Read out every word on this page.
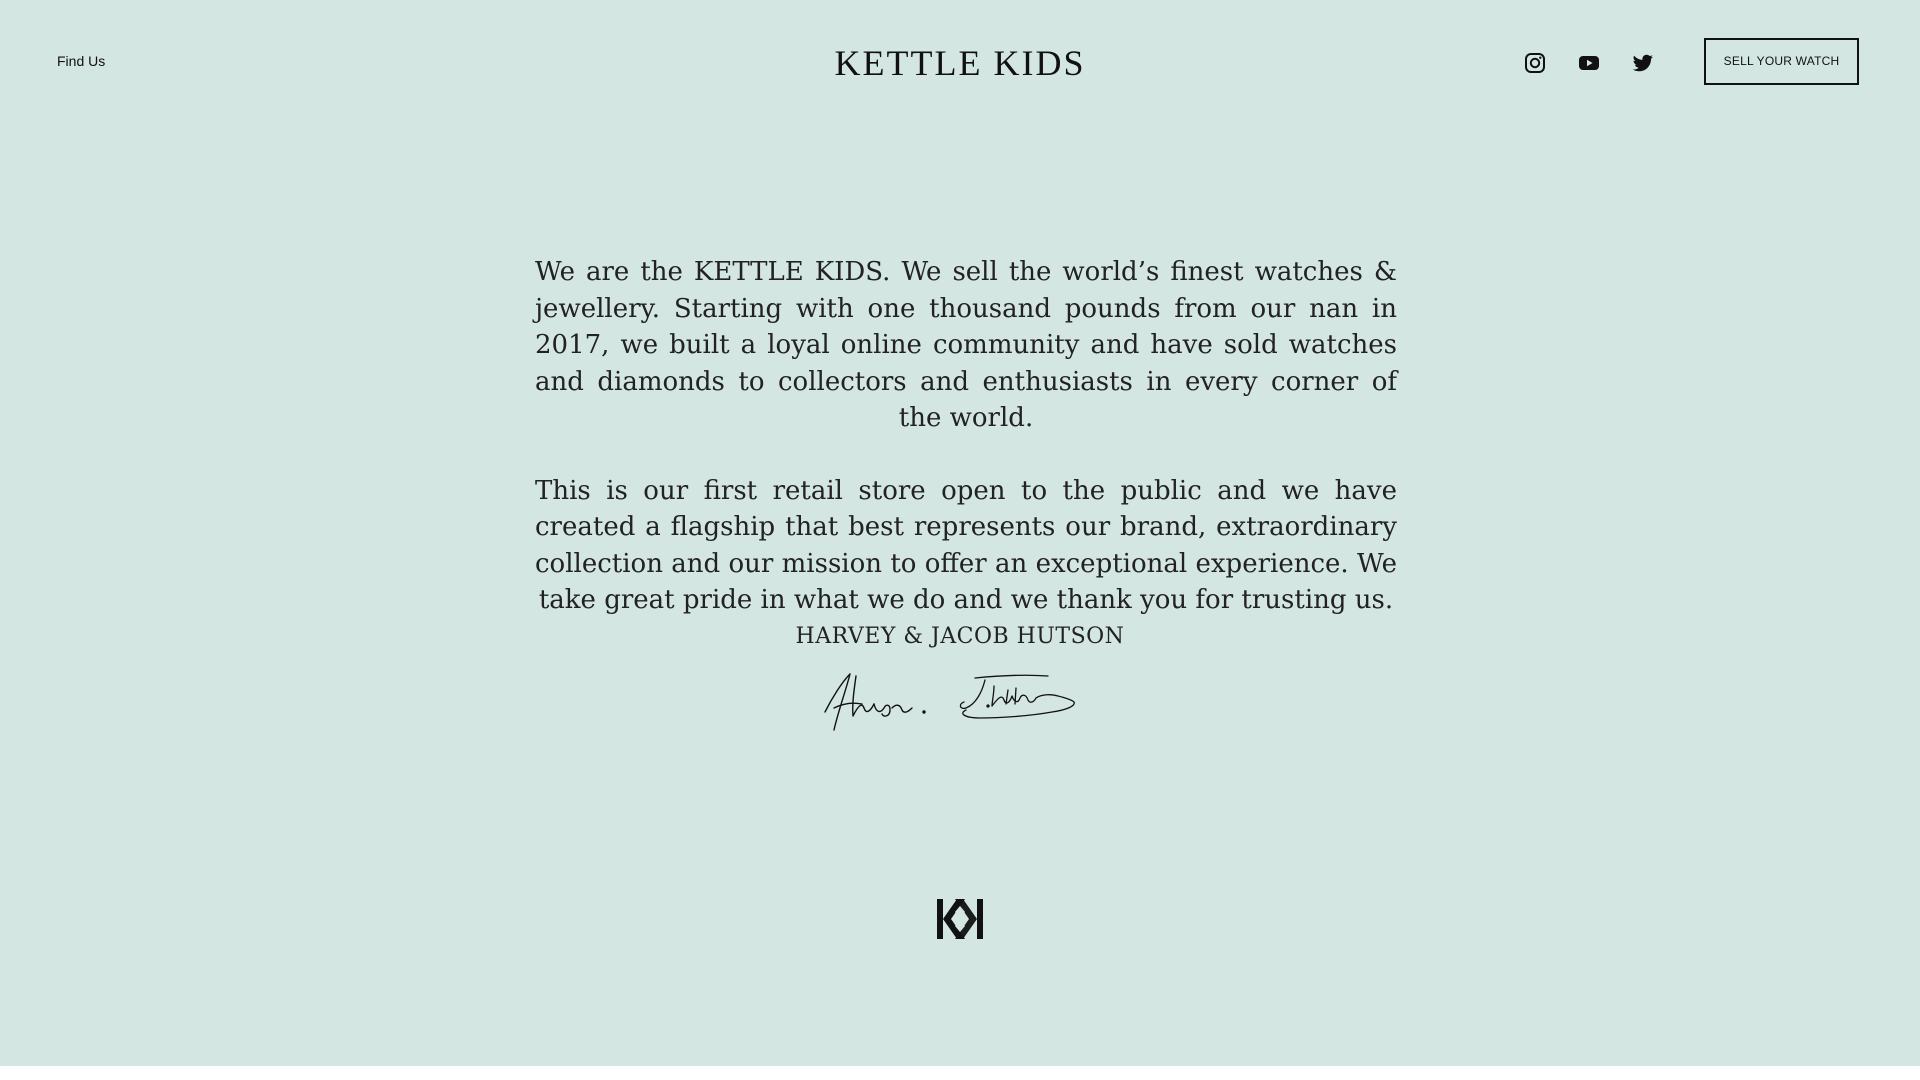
Find Us	KETTLE KIDS	SELL YOUR WATCH

We are the KETTLE KIDS. We sell the world’s finest watches & jewellery. Starting with one thousand pounds from our nan in 2017, we built a loyal online community and have sold watches and diamonds to collectors and enthusiasts in every corner of the world.

This is our first retail store open to the public and we have created a flagship that best represents our brand, extraordinary collection and our mission to offer an exceptional experience. We take great pride in what we do and we thank you for trusting us.

HARVEY & JACOB HUTSON
